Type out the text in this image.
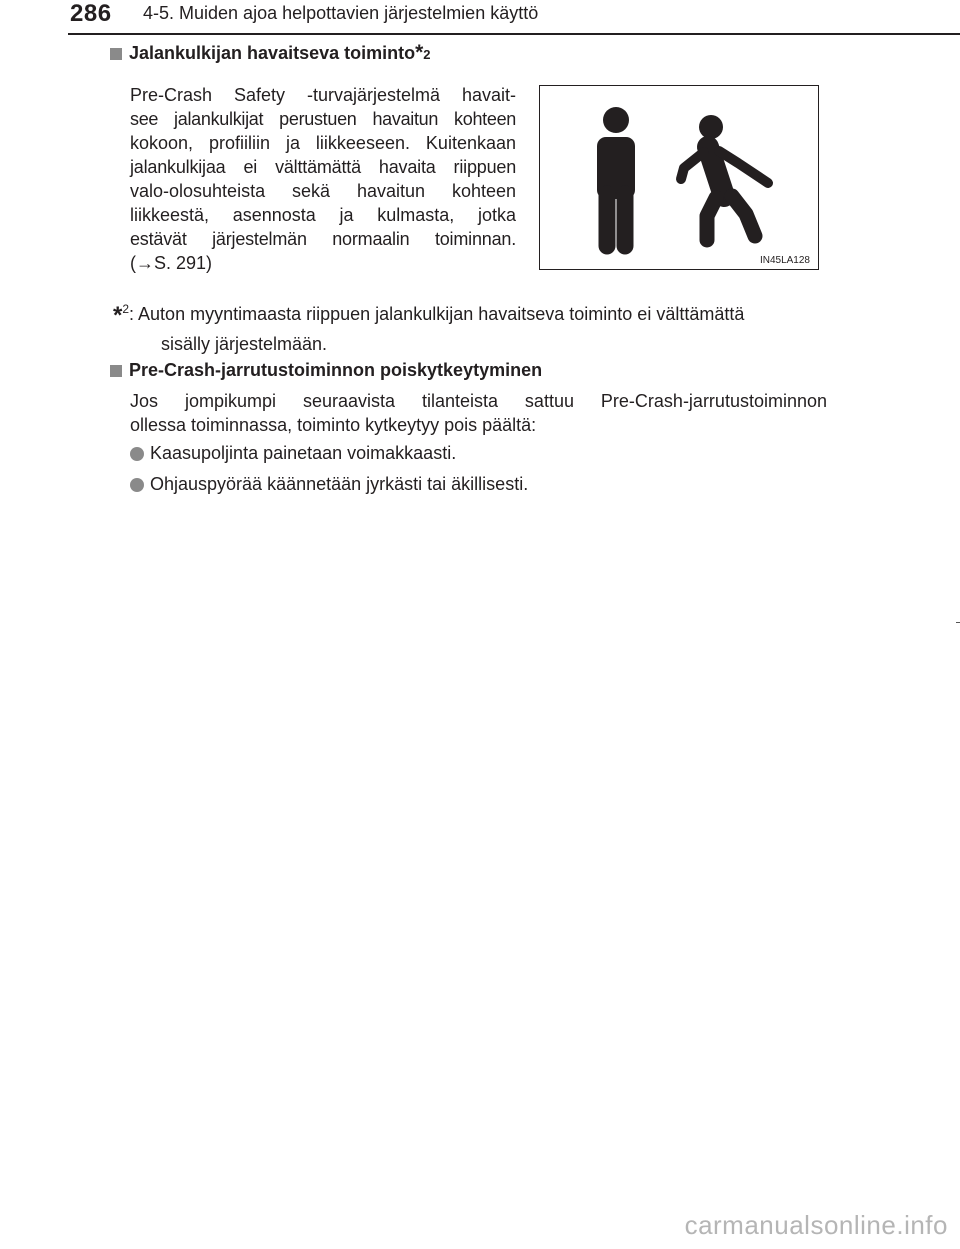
286 4-5. Muiden ajoa helpottavien järjestelmien käyttö
Jalankulkijan havaitseva toiminto * 2
Pre-Crash Safety -turvajärjestelmä havait-
see jalankulkijat perustuen havaitun kohteen
kokoon, profiiliin ja liikkeeseen. Kuitenkaan
jalankulkijaa ei välttämättä havaita riippuen
valo-olosuhteista sekä havaitun kohteen
liikkeestä, asennosta ja kulmasta, jotka
estävät järjestelmän normaalin toiminnan.
(→S. 291)	IN45LA128
*$^2$: Auton myyntimaasta riippuen jalankulkijan havaitseva toiminto ei välttämättä
sisälly järjestelmään.
Pre-Crash-jarrutustoiminnon poiskytkeytyminen
Jos jompikumpi seuraavista tilanteista sattuu Pre-Crash-jarrutustoiminnon
ollessa toiminnassa, toiminto kytkeytyy pois päältä:
Kaasupoljinta painetaan voimakkaasti.
Ohjauspyörää käännetään jyrkästi tai äkillisesti.
carmanualsonline.info
